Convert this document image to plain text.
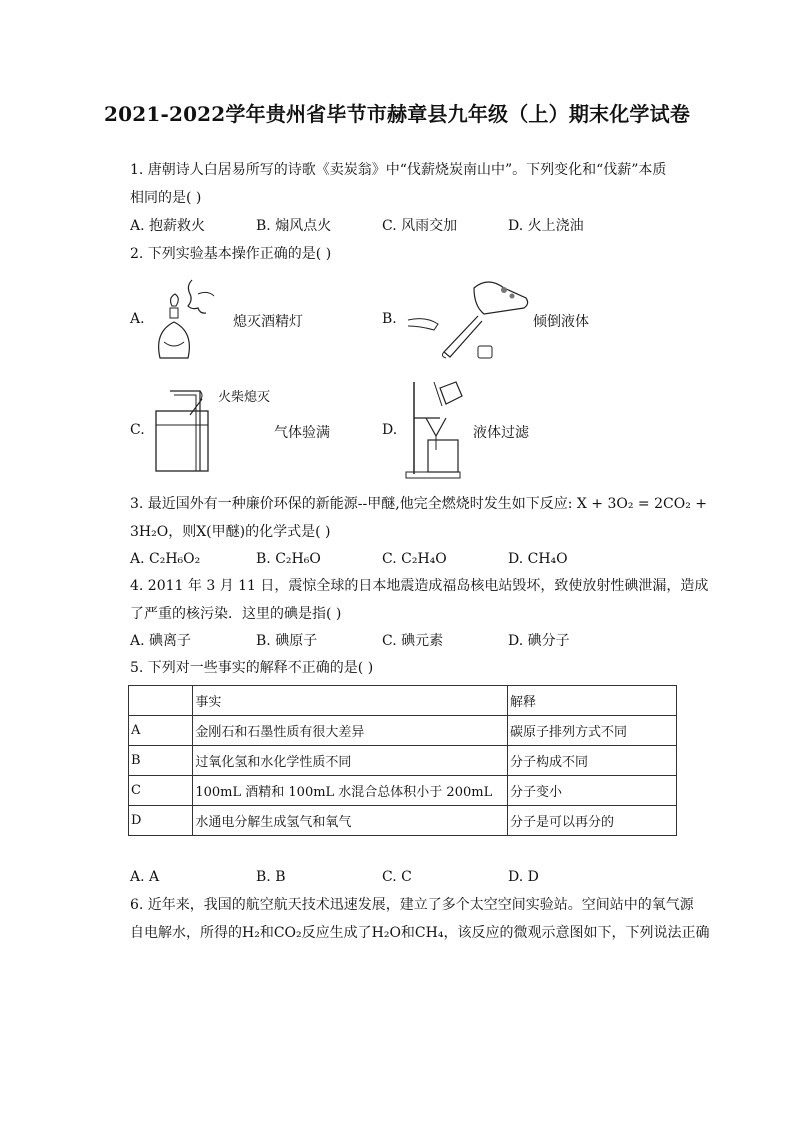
2021-2022学年贵州省毕节市赫章县九年级（上）期末化学试卷
1. 唐朝诗人白居易所写的诗歌《卖炭翁》中“伐薪烧炭南山中”。下列变化和“伐薪”本质
相同的是( )
A. 抱薪救火	B. 煽风点火	C. 风雨交加	D. 火上浇油
2. 下列实验基本操作正确的是( )
A.	熄灭酒精灯	B.	倾倒液体
C.
火柴熄灭
气体验满	D.	液体过滤
3. 最近国外有一种廉价环保的新能源--甲醚,他完全燃烧时发生如下反应: X + 3O₂ = 2CO₂ +
3H₂O，则X(甲醚)的化学式是( )
A. C₂H₆O₂	B. C₂H₆O	C. C₂H₄O	D. CH₄O
4. 2011 年 3 月 11 日，震惊全球的日本地震造成福岛核电站毁坏，致使放射性碘泄漏，造成
了严重的核污染．这里的碘是指( )
A. 碘离子	B. 碘原子	C. 碘元素	D. 碘分子
5. 下列对一些事实的解释不正确的是( )
	事实	解释
A	金刚石和石墨性质有很大差异	碳原子排列方式不同
B	过氧化氢和水化学性质不同	分子构成不同
C	100mL 酒精和 100mL 水混合总体积小于 200mL	分子变小
D	水通电分解生成氢气和氧气	分子是可以再分的
A. A	B. B	C. C	D. D
6. 近年来，我国的航空航天技术迅速发展，建立了多个太空空间实验站。空间站中的氧气源
自电解水，所得的H₂和CO₂反应生成了H₂O和CH₄，该反应的微观示意图如下，下列说法正确
